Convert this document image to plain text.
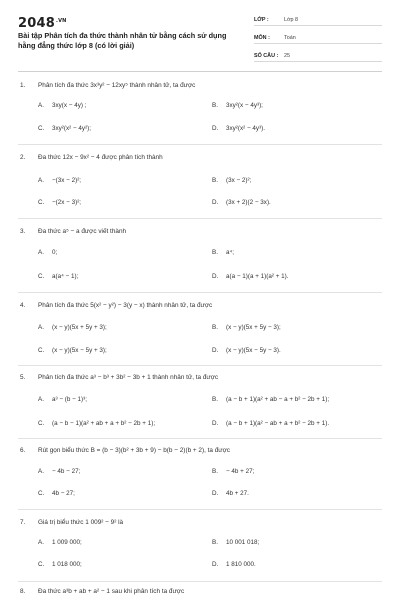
$2048^{.VN}$
Bài tập Phân tích đa thức thành nhân tử bằng cách sử dụng hằng đẳng thức lớp 8 (có lời giải)
LỚP :	Lớp 8
MÔN :	Toán
SỐ CÂU :	25
1. Phân tích đa thức 3x³y² − 12xy⁵ thành nhân tử, ta được
A. 3xy(x − 4y) ;	B. 3xy²(x − 4y³);
C. 3xy²(x² − 4y²);	D. 3xy²(x² − 4y³).
2. Đa thức 12x − 9x² − 4 được phân tích thành
A. −(3x − 2)²;	B. (3x − 2)²;
C. −(2x − 3)²;	D. (3x + 2)(2 − 3x).
3. Đa thức a⁵ − a được viết thành
A. 0;	B. a⁴;
C. a(a⁴ − 1);	D. a(a − 1)(a + 1)(a² + 1).
4. Phân tích đa thức 5(x² − y²) − 3(y − x) thành nhân tử, ta được
A. (x − y)(5x + 5y + 3);	B. (x − y)(5x + 5y − 3);
C. (x − y)(5x − 5y + 3);	D. (x − y)(5x − 5y − 3).
5. Phân tích đa thức a³ − b³ + 3b² − 3b + 1 thành nhân tử, ta được
A. a³ − (b − 1)³;	B. (a − b + 1)(a² + ab − a + b² − 2b + 1);
C. (a − b − 1)(a² + ab + a + b² − 2b + 1);	D. (a − b + 1)(a² − ab + a + b² − 2b + 1).
6. Rút gọn biểu thức B = (b − 3)(b² + 3b + 9) − b(b − 2)(b + 2), ta được
A. − 4b − 27;	B. − 4b + 27;
C. 4b − 27;	D. 4b + 27.
7. Giá trị biểu thức 1 009² − 9² là
A. 1 009 000;	B. 10 001 018;
C. 1 018 000;	D. 1 810 000.
8. Đa thức a³b + ab + a² − 1 sau khi phân tích ta được
